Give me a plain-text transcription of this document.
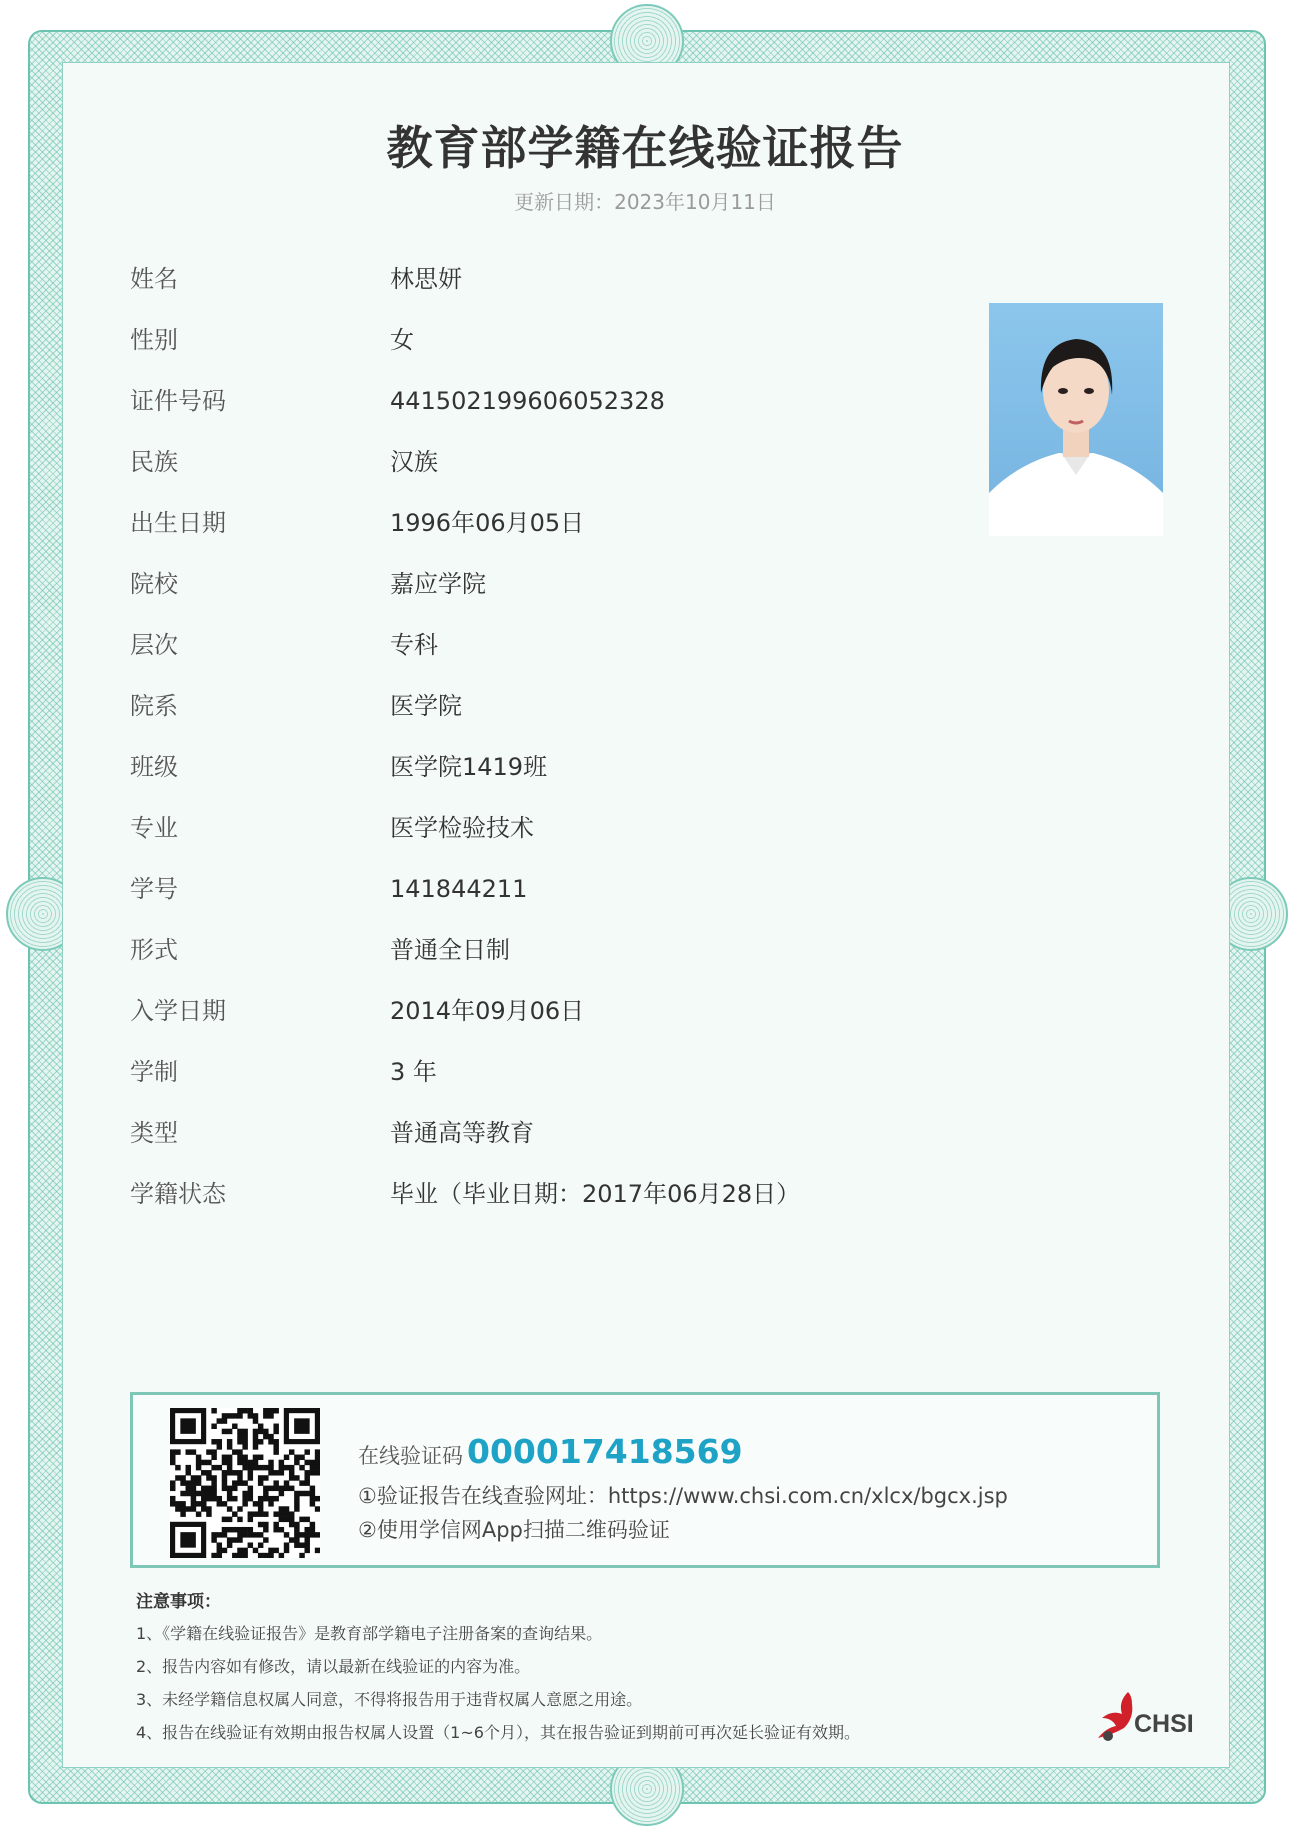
教育部学籍在线验证报告
更新日期：2023年10月11日
姓名	林思妍
性别	女
证件号码	441502199606052328
民族	汉族
出生日期	1996年06月05日
院校	嘉应学院
层次	专科
院系	医学院
班级	医学院1419班
专业	医学检验技术
学号	141844211
形式	普通全日制
入学日期	2014年09月06日
学制	3 年
类型	普通高等教育
学籍状态	毕业（毕业日期：2017年06月28日）
在线验证码 000017418569
①验证报告在线查验网址：https://www.chsi.com.cn/xlcx/bgcx.jsp
②使用学信网App扫描二维码验证
注意事项：
1、《学籍在线验证报告》是教育部学籍电子注册备案的查询结果。
2、报告内容如有修改，请以最新在线验证的内容为准。
3、未经学籍信息权属人同意，不得将报告用于违背权属人意愿之用途。
4、报告在线验证有效期由报告权属人设置（1~6个月），其在报告验证到期前可再次延长验证有效期。	CHSI
